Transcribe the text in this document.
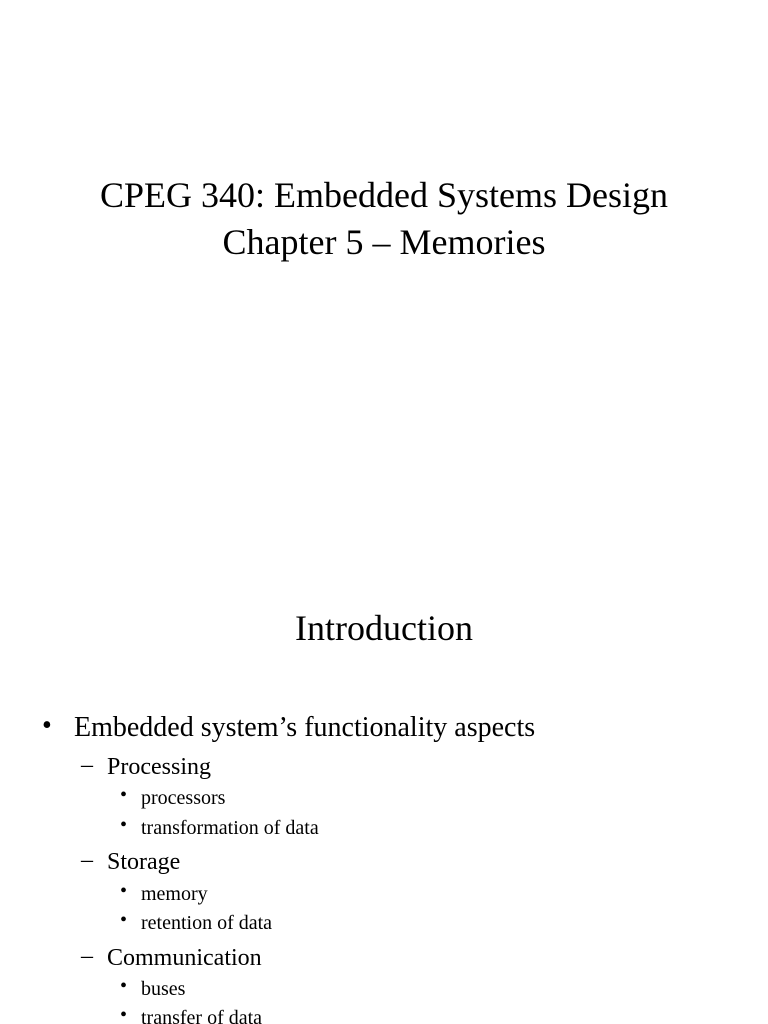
CPEG 340: Embedded Systems Design
Chapter 5 – Memories
Introduction
• Embedded system’s functionality aspects
– Processing
• processors
• transformation of data
– Storage
• memory
• retention of data
– Communication
• buses
• transfer of data
